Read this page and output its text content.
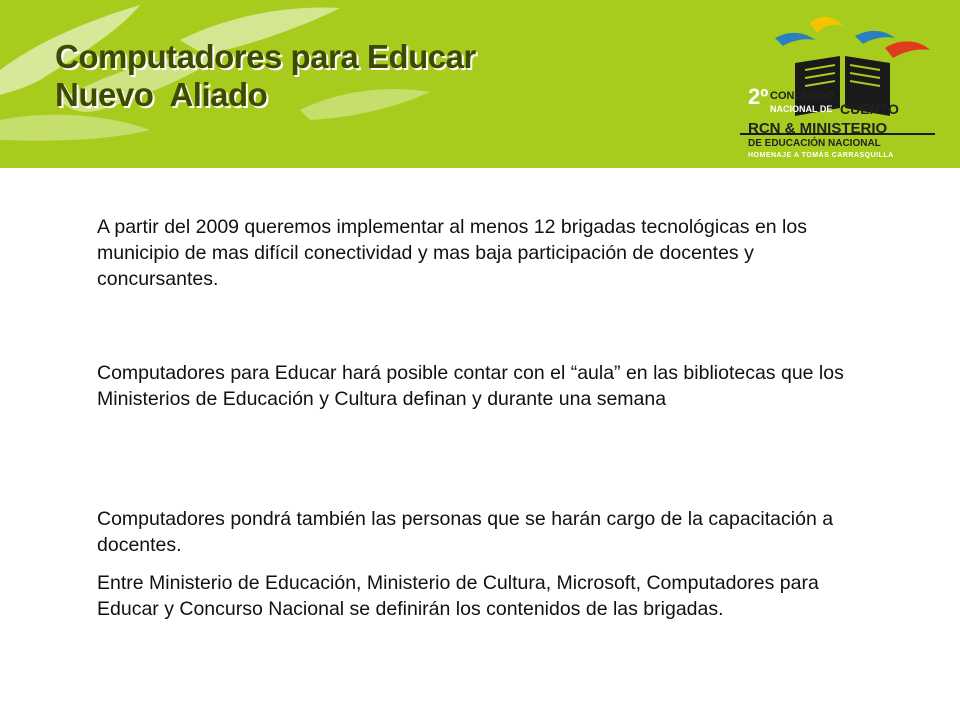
Computadores para Educar
Nuevo  Aliado	2º CONCURSO
NACIONAL DE CUENTO
RCN & MINISTERIO
DE EDUCACIÓN NACIONAL
HOMENAJE A TOMÁS CARRASQUILLA

A partir del 2009 queremos implementar al menos 12 brigadas tecnológicas en los municipio de mas difícil conectividad y mas baja participación de docentes y concursantes.

Computadores para Educar hará posible contar con el “aula” en las bibliotecas que los Ministerios de Educación y Cultura definan y durante una semana

Computadores pondrá también las personas que se harán cargo de la capacitación a docentes.

Entre Ministerio de Educación, Ministerio de Cultura, Microsoft, Computadores para Educar y Concurso Nacional se definirán los contenidos de las brigadas.
